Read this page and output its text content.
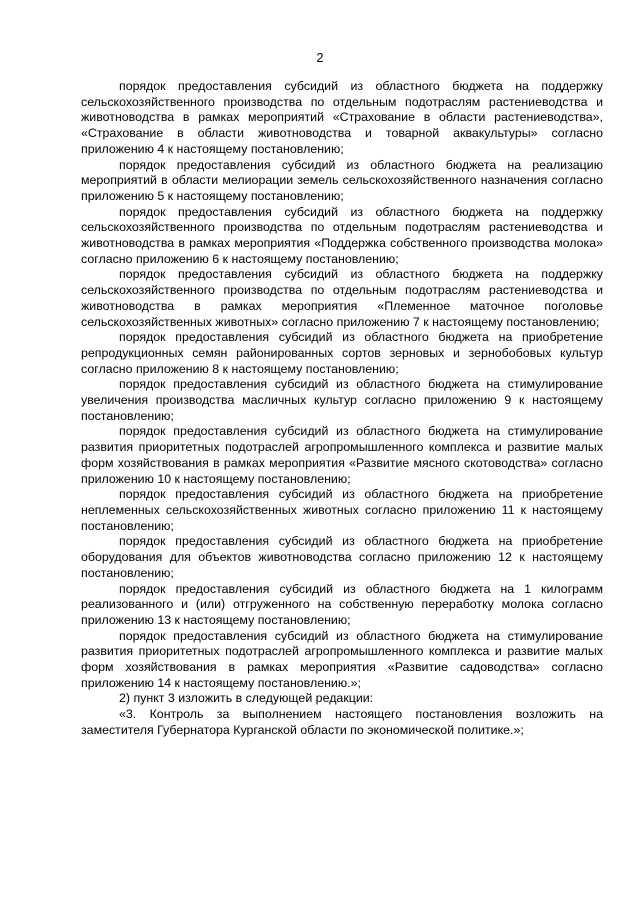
2

порядок предоставления субсидий из областного бюджета на поддержку сельскохозяйственного производства по отдельным подотраслям растениеводства и животноводства в рамках мероприятий «Страхование в области растениеводства», «Страхование в области животноводства и товарной аквакультуры» согласно приложению 4 к настоящему постановлению;

порядок предоставления субсидий из областного бюджета на реализацию мероприятий в области мелиорации земель сельскохозяйственного назначения согласно приложению 5 к настоящему постановлению;

порядок предоставления субсидий из областного бюджета на поддержку сельскохозяйственного производства по отдельным подотраслям растениеводства и животноводства в рамках мероприятия «Поддержка собственного производства молока» согласно приложению 6 к настоящему постановлению;

порядок предоставления субсидий из областного бюджета на поддержку сельскохозяйственного производства по отдельным подотраслям растениеводства и животноводства в рамках мероприятия «Племенное маточное поголовье сельскохозяйственных животных» согласно приложению 7 к настоящему постановлению;

порядок предоставления субсидий из областного бюджета на приобретение репродукционных семян районированных сортов зерновых и зернобобовых культур согласно приложению 8 к настоящему постановлению;

порядок предоставления субсидий из областного бюджета на стимулирование увеличения производства масличных культур согласно приложению 9 к настоящему постановлению;

порядок предоставления субсидий из областного бюджета на стимулирование развития приоритетных подотраслей агропромышленного комплекса и развитие малых форм хозяйствования в рамках мероприятия «Развитие мясного скотоводства» согласно приложению 10 к настоящему постановлению;

порядок предоставления субсидий из областного бюджета на приобретение неплеменных сельскохозяйственных животных согласно приложению 11 к настоящему постановлению;

порядок предоставления субсидий из областного бюджета на приобретение оборудования для объектов животноводства согласно приложению 12 к настоящему постановлению;

порядок предоставления субсидий из областного бюджета на 1 килограмм реализованного и (или) отгруженного на собственную переработку молока согласно приложению 13 к настоящему постановлению;

порядок предоставления субсидий из областного бюджета на стимулирование развития приоритетных подотраслей агропромышленного комплекса и развитие малых форм хозяйствования в рамках мероприятия «Развитие садоводства» согласно приложению 14 к настоящему постановлению.»;

2) пункт 3 изложить в следующей редакции:

«3. Контроль за выполнением настоящего постановления возложить на заместителя Губернатора Курганской области по экономической политике.»;
